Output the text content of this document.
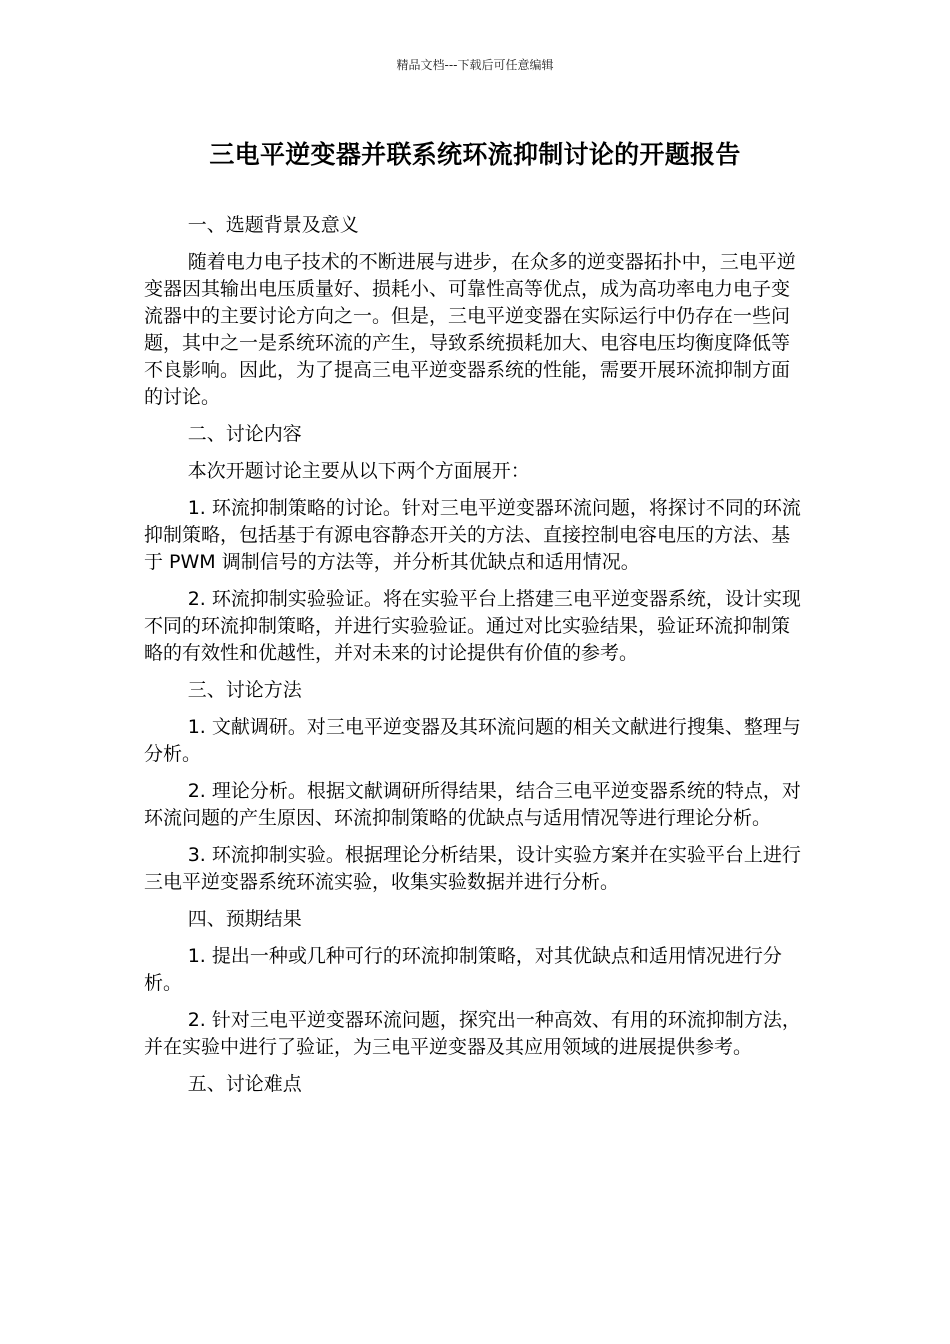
精品文档---下载后可任意编辑
三电平逆变器并联系统环流抑制讨论的开题报告

一、选题背景及意义

随着电力电子技术的不断进展与进步，在众多的逆变器拓扑中，三电平逆变器因其输出电压质量好、损耗小、可靠性高等优点，成为高功率电力电子变流器中的主要讨论方向之一。但是，三电平逆变器在实际运行中仍存在一些问题，其中之一是系统环流的产生，导致系统损耗加大、电容电压均衡度降低等不良影响。因此，为了提高三电平逆变器系统的性能，需要开展环流抑制方面的讨论。

二、讨论内容

本次开题讨论主要从以下两个方面展开：

1. 环流抑制策略的讨论。针对三电平逆变器环流问题，将探讨不同的环流抑制策略，包括基于有源电容静态开关的方法、直接控制电容电压的方法、基于 PWM 调制信号的方法等，并分析其优缺点和适用情况。

2. 环流抑制实验验证。将在实验平台上搭建三电平逆变器系统，设计实现不同的环流抑制策略，并进行实验验证。通过对比实验结果，验证环流抑制策略的有效性和优越性，并对未来的讨论提供有价值的参考。

三、讨论方法

1. 文献调研。对三电平逆变器及其环流问题的相关文献进行搜集、整理与分析。

2. 理论分析。根据文献调研所得结果，结合三电平逆变器系统的特点，对环流问题的产生原因、环流抑制策略的优缺点与适用情况等进行理论分析。

3. 环流抑制实验。根据理论分析结果，设计实验方案并在实验平台上进行三电平逆变器系统环流实验，收集实验数据并进行分析。

四、预期结果

1. 提出一种或几种可行的环流抑制策略，对其优缺点和适用情况进行分析。

2. 针对三电平逆变器环流问题，探究出一种高效、有用的环流抑制方法，并在实验中进行了验证，为三电平逆变器及其应用领域的进展提供参考。

五、讨论难点
